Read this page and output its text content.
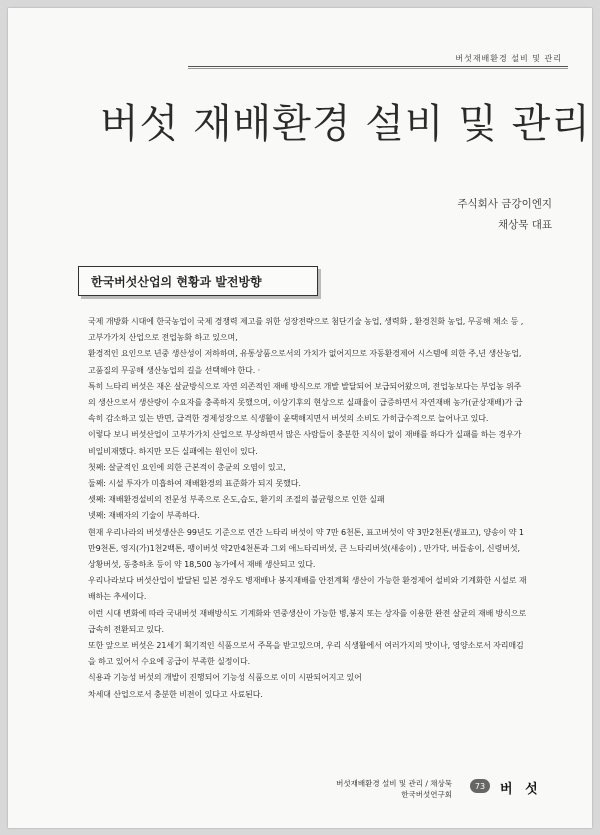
버섯재배환경 설비 및 관리
버섯 재배환경 설비 및 관리
주식회사 금강이엔지
채상묵 대표
한국버섯산업의 현황과 발전방향

국제 개방화 시대에 한국농업이 국제 경쟁력 제고를 위한 성장전략으로 첨단기술 농업, 생력화 , 환경친화 농업, 무공해 채소 등 , 고부가가치 산업으로 전업농화 하고 있으며,

환경적인 요인으로 년중 생산성이 저하하며, 유통상품으로서의 가치가 없어지므로 자동환경제어 시스템에 의한 주,년 생산농업, 고품질의 무공해 생산농업의 길을 선택해야 한다. ·

특히 느타리 버섯은 재온 살균방식으로 자연 의존적인 재배 방식으로 개발 발달되어 보급되어왔으며, 전업농보다는 부업농 위주의 생산으로서 생산량이 수요자를 충족하지 못했으며, 이상기후의 현상으로 실패율이 급증하면서 자연재배 농가(균상재배)가 급속히 감소하고 있는 반면, 급격한 경제성장으로 식생활이 윤택해지면서 버섯의 소비도 가히급수적으로 늘어나고 있다.

이렇다 보니 버섯산업이 고부가가치 산업으로 부상하면서 많은 사람들이 충분한 지식이 없이 재배를 하다가 실패를 하는 경우가 비일비재했다. 하지만 모든 실패에는 원인이 있다.

첫째: 살균적인 요인에 의한 근본적이 총균의 오염이 있고,

둘째: 시설 투자가 미흡하여 재배환경의 표준화가 되지 못했다.

셋째: 재배환경설비의 전문성 부족으로 온도,습도, 환기의 조절의 불균형으로 인한 실패

넷째: 재배자의 기술이 부족하다.

현재 우리나라의 버섯생산은 99년도 기준으로 연간 느타리 버섯이 약 7만 6천톤, 표고버섯이 약 3만2천톤(생표고), 양송이 약 1만9천톤, 영지(가)1천2백톤, 팽이버섯 약2만4천톤과 그외 애느타리버섯, 큰 느타리버섯(새송이) , 만가닥, 버들송이, 신령버섯, 상황버섯, 동충하초 등이 약 18,500 농가에서 재배 생산되고 있다.

우리나라보다 버섯산업이 발달된 일본 경우도 병재배나 봉지재배를 안전계획 생산이 가능한 환경제어 설비와 기계화한 시설로 재배하는 추세이다.

이런 시대 변화에 따라 국내버섯 재배방식도 기계화와 연중생산이 가능한 병,봉지 또는 상자를 이용한 완전 살균의 재배 방식으로 급속히 전환되고 있다.

또한 앞으로 버섯은 21세기 획기적인 식품으로서 주목을 받고있으며, 우리 식생활에서 여러가지의 맛이나, 영양소로서 자리매김을 하고 있어서 수요에 공급이 부족한 실정이다.

식용과 기능성 버섯의 개발이 진행되어 기능성 식품으로 이미 시판되어지고 있어

차세대 산업으로서 충분한 비젼이 있다고 사료된다.

버섯재배환경 설비 및 관리 / 채상묵
한국버섯연구회
73	버 섯
